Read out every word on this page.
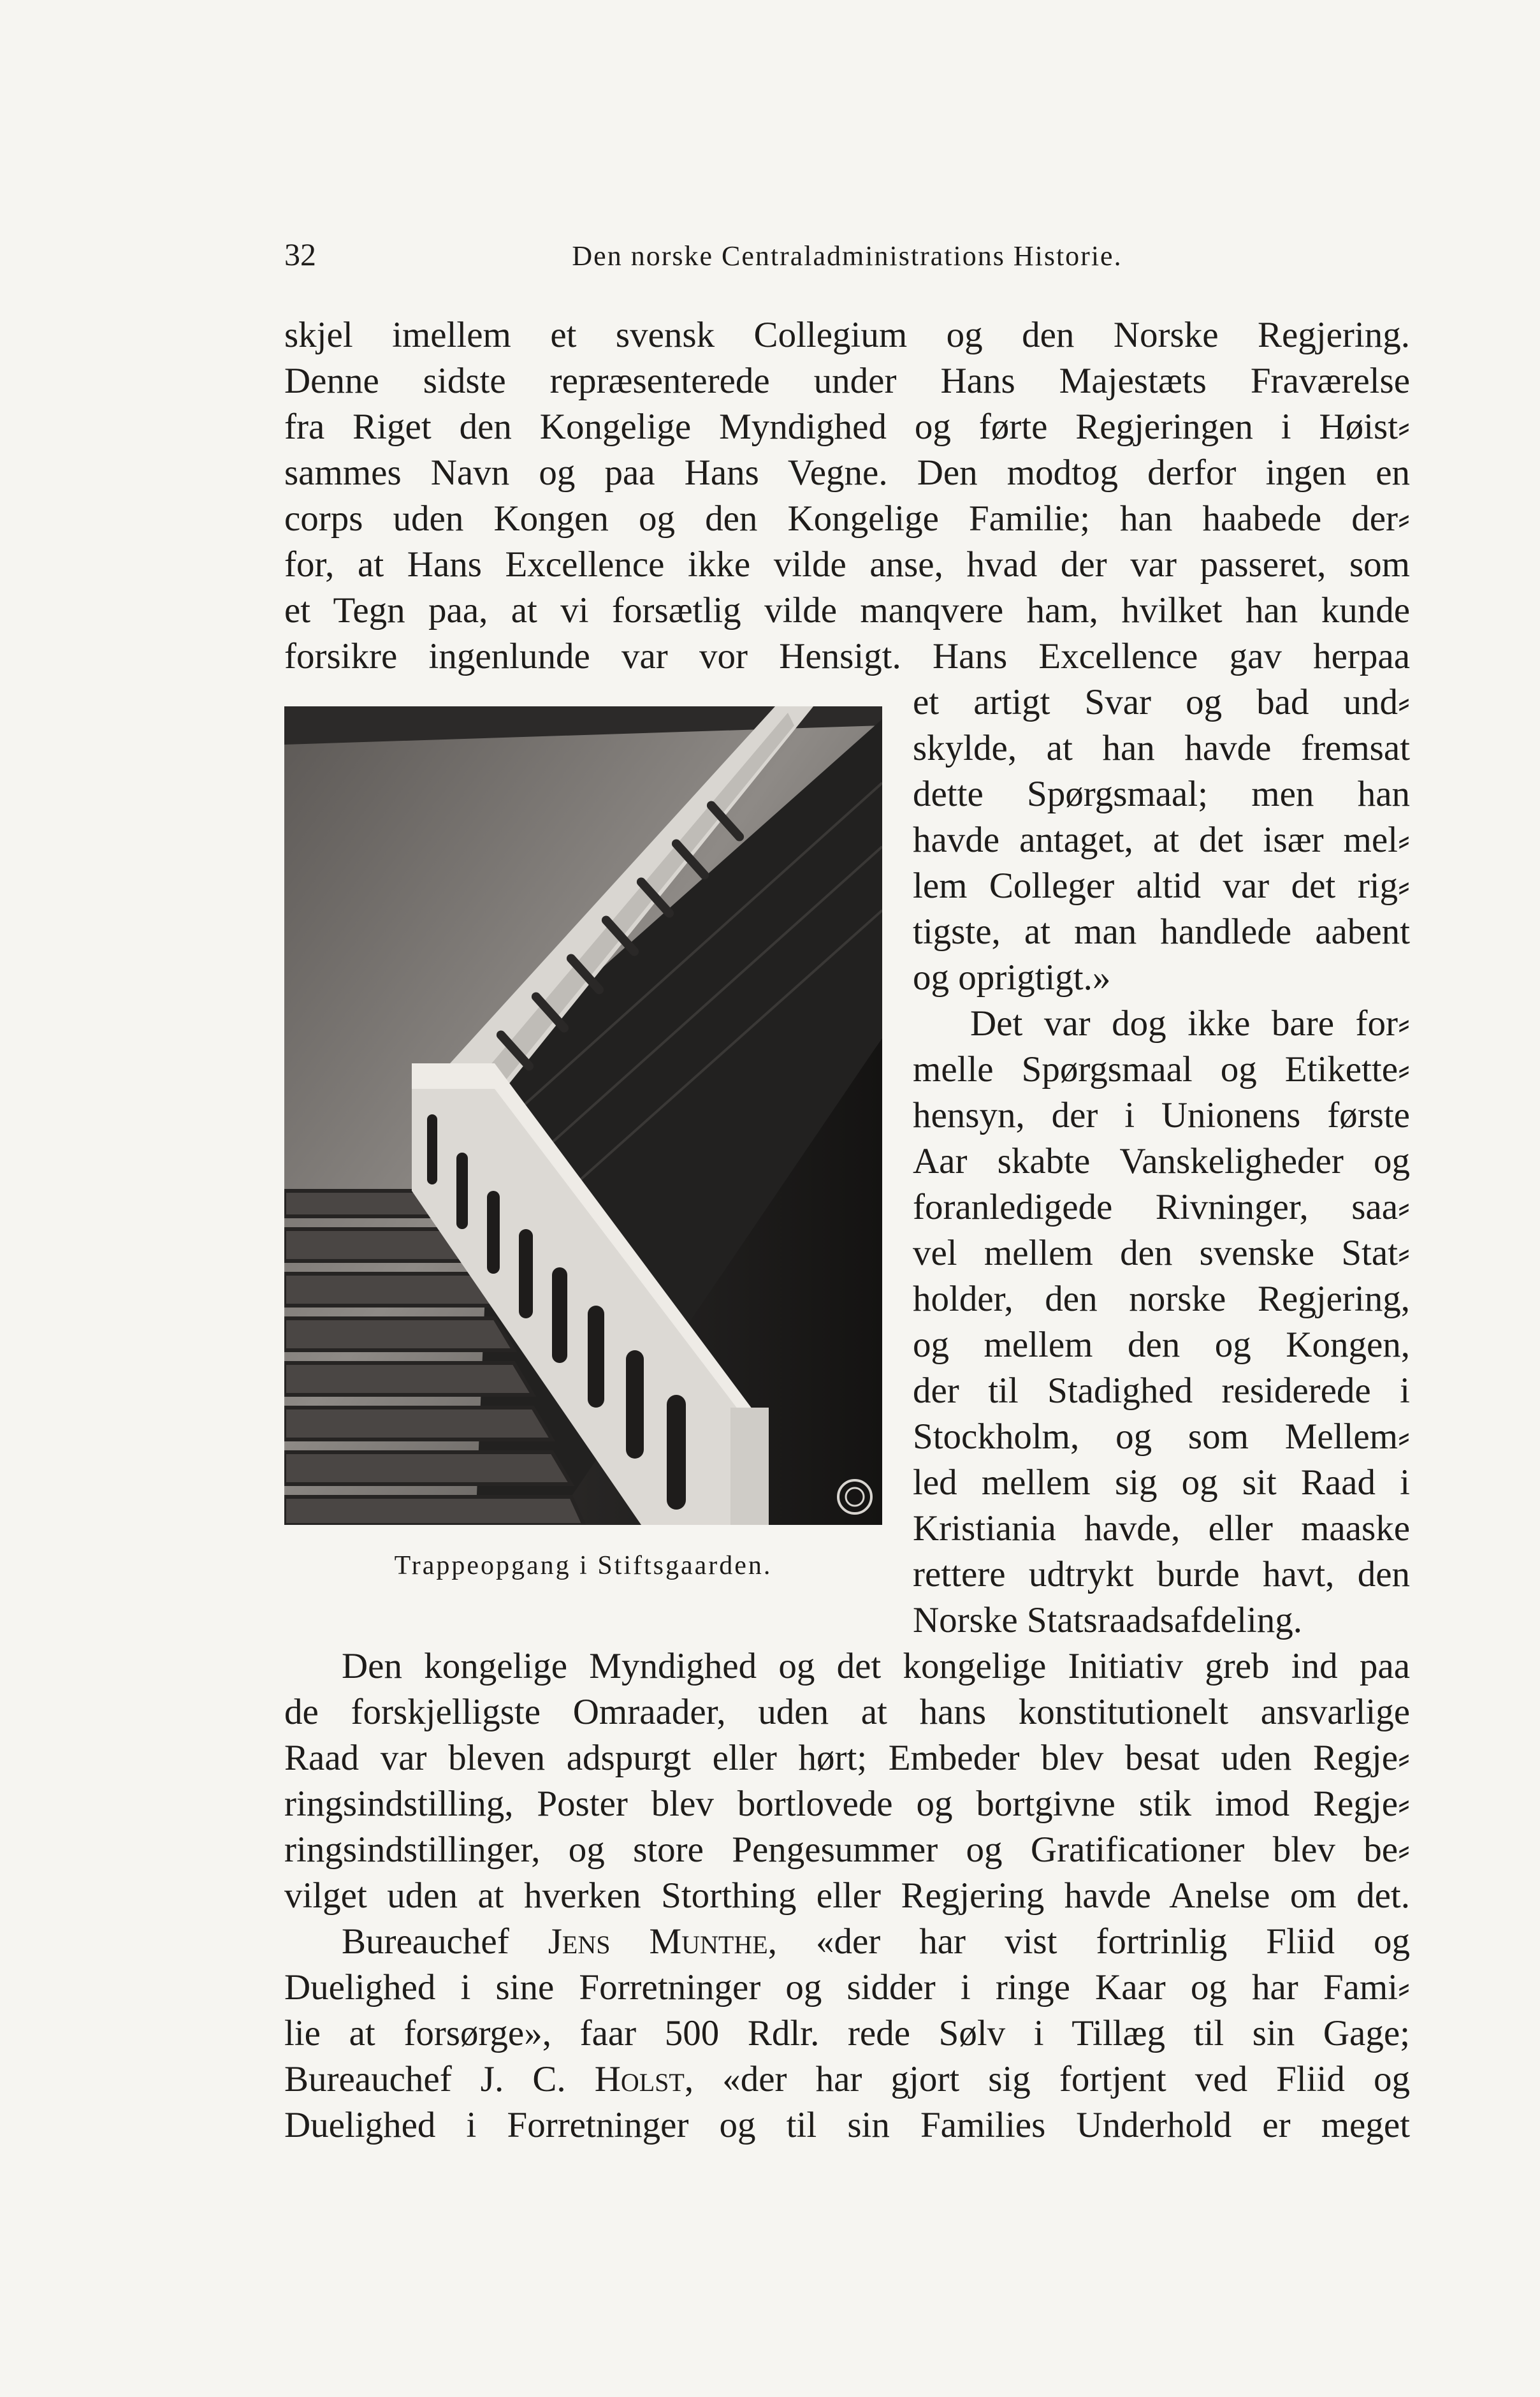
32	Den norske Centraladministrations Historie.
skjel imellem et svensk Collegium og den Norske Regjering.
Denne sidste repræsenterede under Hans Majestæts Fraværelse
fra Riget den Kongelige Myndighed og førte Regjeringen i Høist⸗
sammes Navn og paa Hans Vegne. Den modtog derfor ingen en
corps uden Kongen og den Kongelige Familie; han haabede der⸗
for, at Hans Excellence ikke vilde anse, hvad der var passeret, som
et Tegn paa, at vi forsætlig vilde manqvere ham, hvilket han kunde
forsikre ingenlunde var vor Hensigt. Hans Excellence gav herpaa
Trappeopgang i Stiftsgaarden.
et artigt Svar og bad und⸗
skylde, at han havde fremsat
dette Spørgsmaal; men han
havde antaget, at det især mel⸗
lem Colleger altid var det rig⸗
tigste, at man handlede aabent
og oprigtigt.»
Det var dog ikke bare for⸗
melle Spørgsmaal og Etikette⸗
hensyn, der i Unionens første
Aar skabte Vanskeligheder og
foranledigede Rivninger, saa⸗
vel mellem den svenske Stat⸗
holder, den norske Regjering,
og mellem den og Kongen,
der til Stadighed residerede i
Stockholm, og som Mellem⸗
led mellem sig og sit Raad i
Kristiania havde, eller maaske
rettere udtrykt burde havt, den
Norske Statsraadsafdeling.
Den kongelige Myndighed og det kongelige Initiativ greb ind paa
de forskjelligste Omraader, uden at hans konstitutionelt ansvarlige
Raad var bleven adspurgt eller hørt; Embeder blev besat uden Regje⸗
ringsindstilling, Poster blev bortlovede og bortgivne stik imod Regje⸗
ringsindstillinger, og store Pengesummer og Gratificationer blev be⸗
vilget uden at hverken Storthing eller Regjering havde Anelse om det.
Bureauchef Jens Munthe, «der har vist fortrinlig Fliid og
Duelighed i sine Forretninger og sidder i ringe Kaar og har Fami⸗
lie at forsørge», faar 500 Rdlr. rede Sølv i Tillæg til sin Gage;
Bureauchef J. C. Holst, «der har gjort sig fortjent ved Fliid og
Duelighed i Forretninger og til sin Families Underhold er meget
